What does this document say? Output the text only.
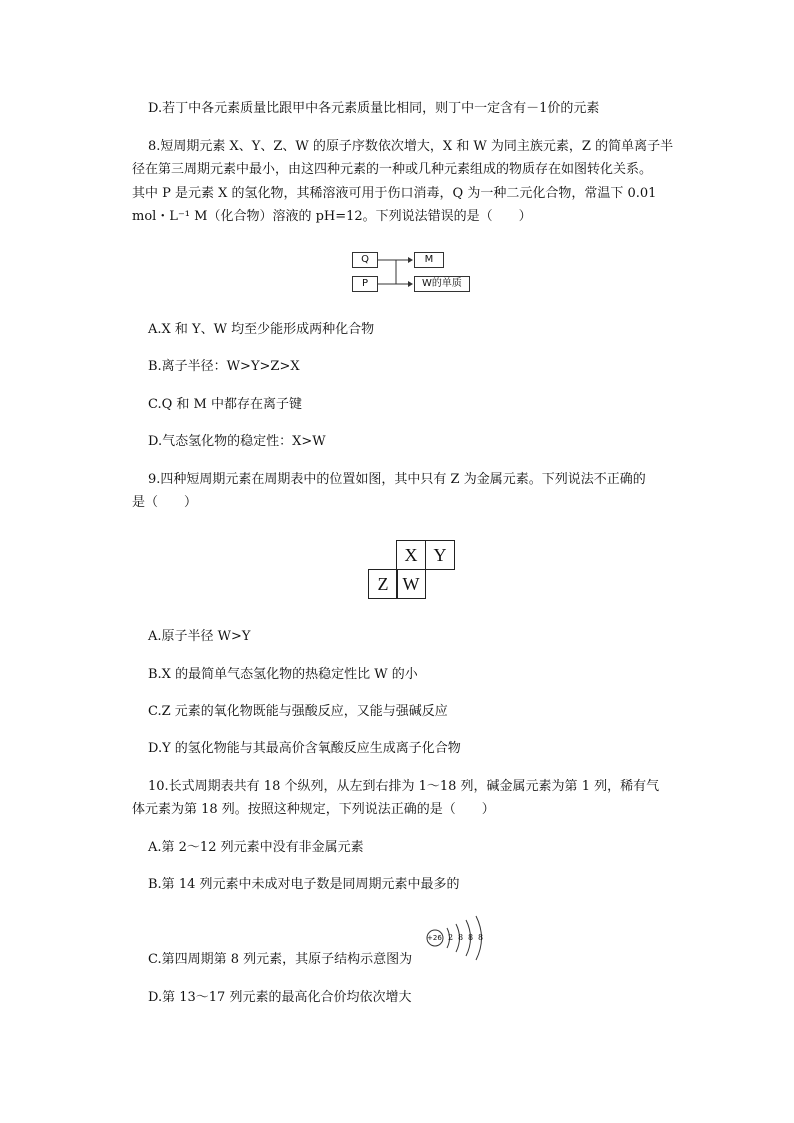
D.若丁中各元素质量比跟甲中各元素质量比相同，则丁中一定含有－1价的元素
8.短周期元素 X、Y、Z、W 的原子序数依次增大，X 和 W 为同主族元素，Z 的简单离子半
径在第三周期元素中最小，由这四种元素的一种或几种元素组成的物质存在如图转化关系。
其中 P 是元素 X 的氢化物，其稀溶液可用于伤口消毒，Q 为一种二元化合物，常温下 0.01
mol・L⁻¹ M（化合物）溶液的 pH=12。下列说法错误的是（　　）
Q
P
M
W的单质
A.X 和 Y、W 均至少能形成两种化合物
B.离子半径：W>Y>Z>X
C.Q 和 M 中都存在离子键
D.气态氢化物的稳定性：X>W
9.四种短周期元素在周期表中的位置如图，其中只有 Z 为金属元素。下列说法不正确的
是（　　）
X Y
Z W
A.原子半径 W>Y
B.X 的最简单气态氢化物的热稳定性比 W 的小
C.Z 元素的氧化物既能与强酸反应，又能与强碱反应
D.Y 的氢化物能与其最高价含氧酸反应生成离子化合物
10.长式周期表共有 18 个纵列，从左到右排为 1～18 列，碱金属元素为第 1 列，稀有气
体元素为第 18 列。按照这种规定，下列说法正确的是（　　）
A.第 2～12 列元素中没有非金属元素
B.第 14 列元素中未成对电子数是同周期元素中最多的
+26 2 8 8 8
C.第四周期第 8 列元素，其原子结构示意图为
D.第 13～17 列元素的最高化合价均依次增大
